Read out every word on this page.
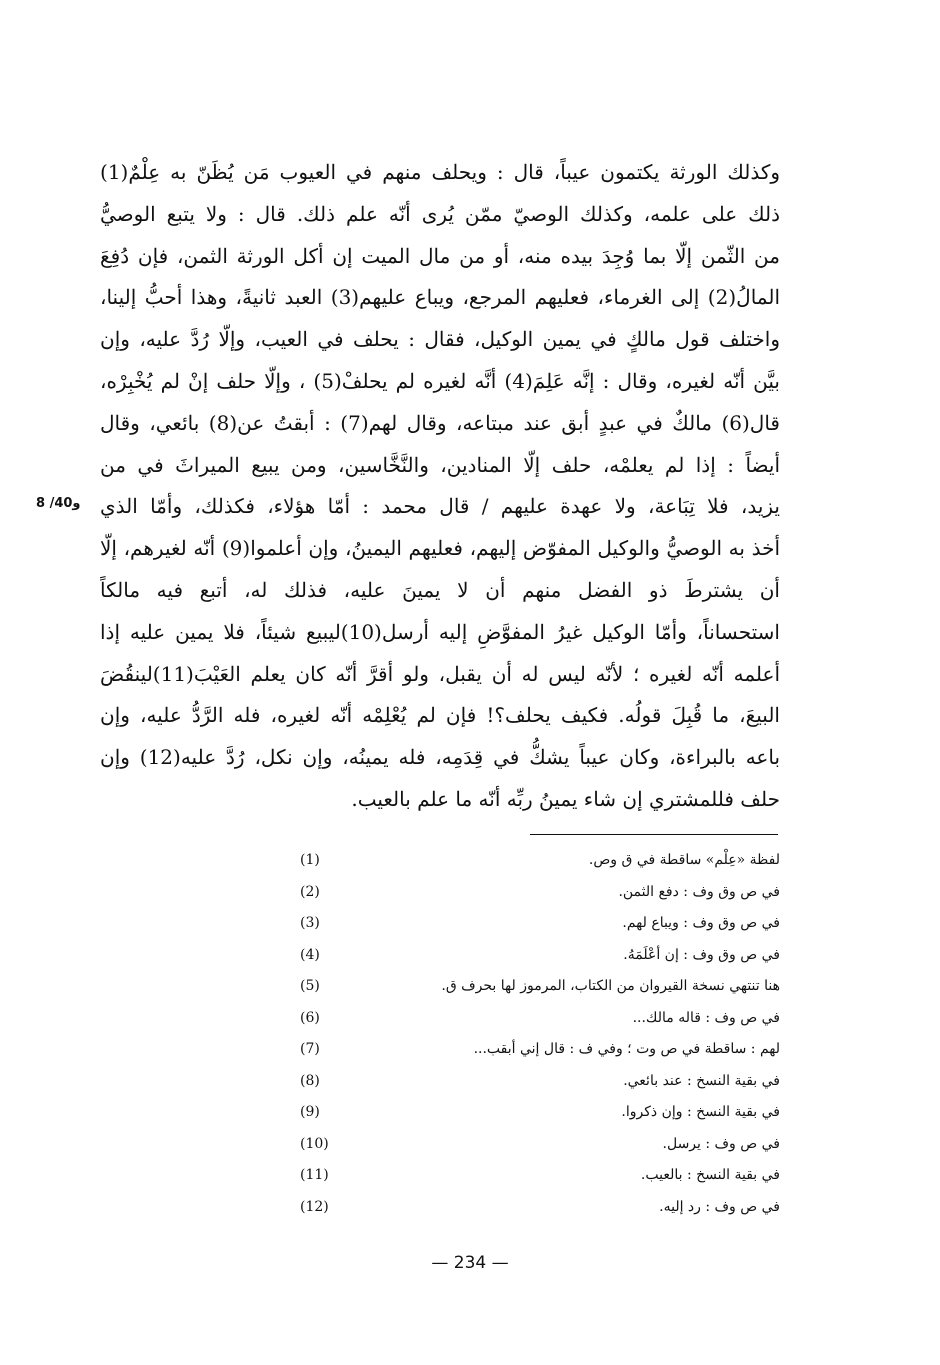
وكذلك الورثة يكتمون عيباً، قال : ويحلف منهم في العيوب مَن يُظَنّ به عِلْمٌ(1)
ذلك على علمه، وكذلك الوصيّ ممّن يُرى أنّه علم ذلك. قال : ولا يتبع الوصيُّ
من الثّمن إلّا بما وُجِدَ بيده منه، أو من مال الميت إن أكل الورثة الثمن، فإن دُفِعَ
المالُ(2) إلى الغرماء، فعليهم المرجع، ويباع عليهم(3) العبد ثانيةً، وهذا أحبُّ إلينا،
واختلف قول مالكٍ في يمين الوكيل، فقال : يحلف في العيب، وإلّا رُدَّ عليه، وإن
بيَّن أنّه لغيره، وقال : إنَّه عَلِمَ(4) أنَّه لغيره لم يحلفْ(5) ، وإلّا حلف إنْ لم يُخْبِرْه،
قال(6) مالكٌ في عبدٍ أبق عند مبتاعه، وقال لهم(7) : أبقتُ عن(8) بائعي، وقال
أيضاً : إذا لم يعلمْه، حلف إلّا المنادين، والنَّخَّاسين، ومن يبيع الميراثَ في من
يزيد، فلا تِبَاعة، ولا عهدة عليهم / قال محمد : أمّا هؤلاء، فكذلك، وأمّا الذي
أخذ به الوصيُّ والوكيل المفوّض إليهم، فعليهم اليمينُ، وإن أعلموا(9) أنّه لغيرهم، إلّا
أن يشترطَ ذو الفضل منهم أن لا يمينَ عليه، فذلك له، أتبع فيه مالكاً
استحساناً، وأمّا الوكيل غيرُ المفوَّضِ إليه أرسل(10)ليبيع شيئاً، فلا يمين عليه إذا
أعلمه أنّه لغيره ؛ لأنّه ليس له أن يقبل، ولو أقرَّ أنّه كان يعلم العَيْبَ(11)لينقُضَ
البيعَ، ما قُبِلَ قولُه. فكيف يحلف؟! فإن لم يُعْلِمْه أنّه لغيره، فله الرَّدُّ عليه، وإن
باعه بالبراءة، وكان عيباً يشكُّ في قِدَمِه، فله يمينُه، وإن نكل، رُدَّ عليه(12) وإن
حلف فللمشتري إن شاء يمينُ ربِّه أنّه ما علم بالعيب.
8 /40و
لفظة «عِلْم» ساقطة في ق وص.
(1)
في ص وق وف : دفع الثمن.
(2)
في ص وق وف : ويباع لهم.
(3)
في ص وق وف : إن أعْلَمَهُ.
(4)
هنا تنتهي نسخة القيروان من الكتاب، المرموز لها بحرف ق.
(5)
في ص وف : قاله مالك...
(6)
لهم : ساقطة في ص وت ؛ وفي ف : قال إني أبقب...
(7)
في بقية النسخ : عند بائعي.
(8)
في بقية النسخ : وإن ذكروا.
(9)
في ص وف : يرسل.
(10)
في بقية النسخ : بالعيب.
(11)
في ص وف : رد إليه.
(12)
— 234 —
